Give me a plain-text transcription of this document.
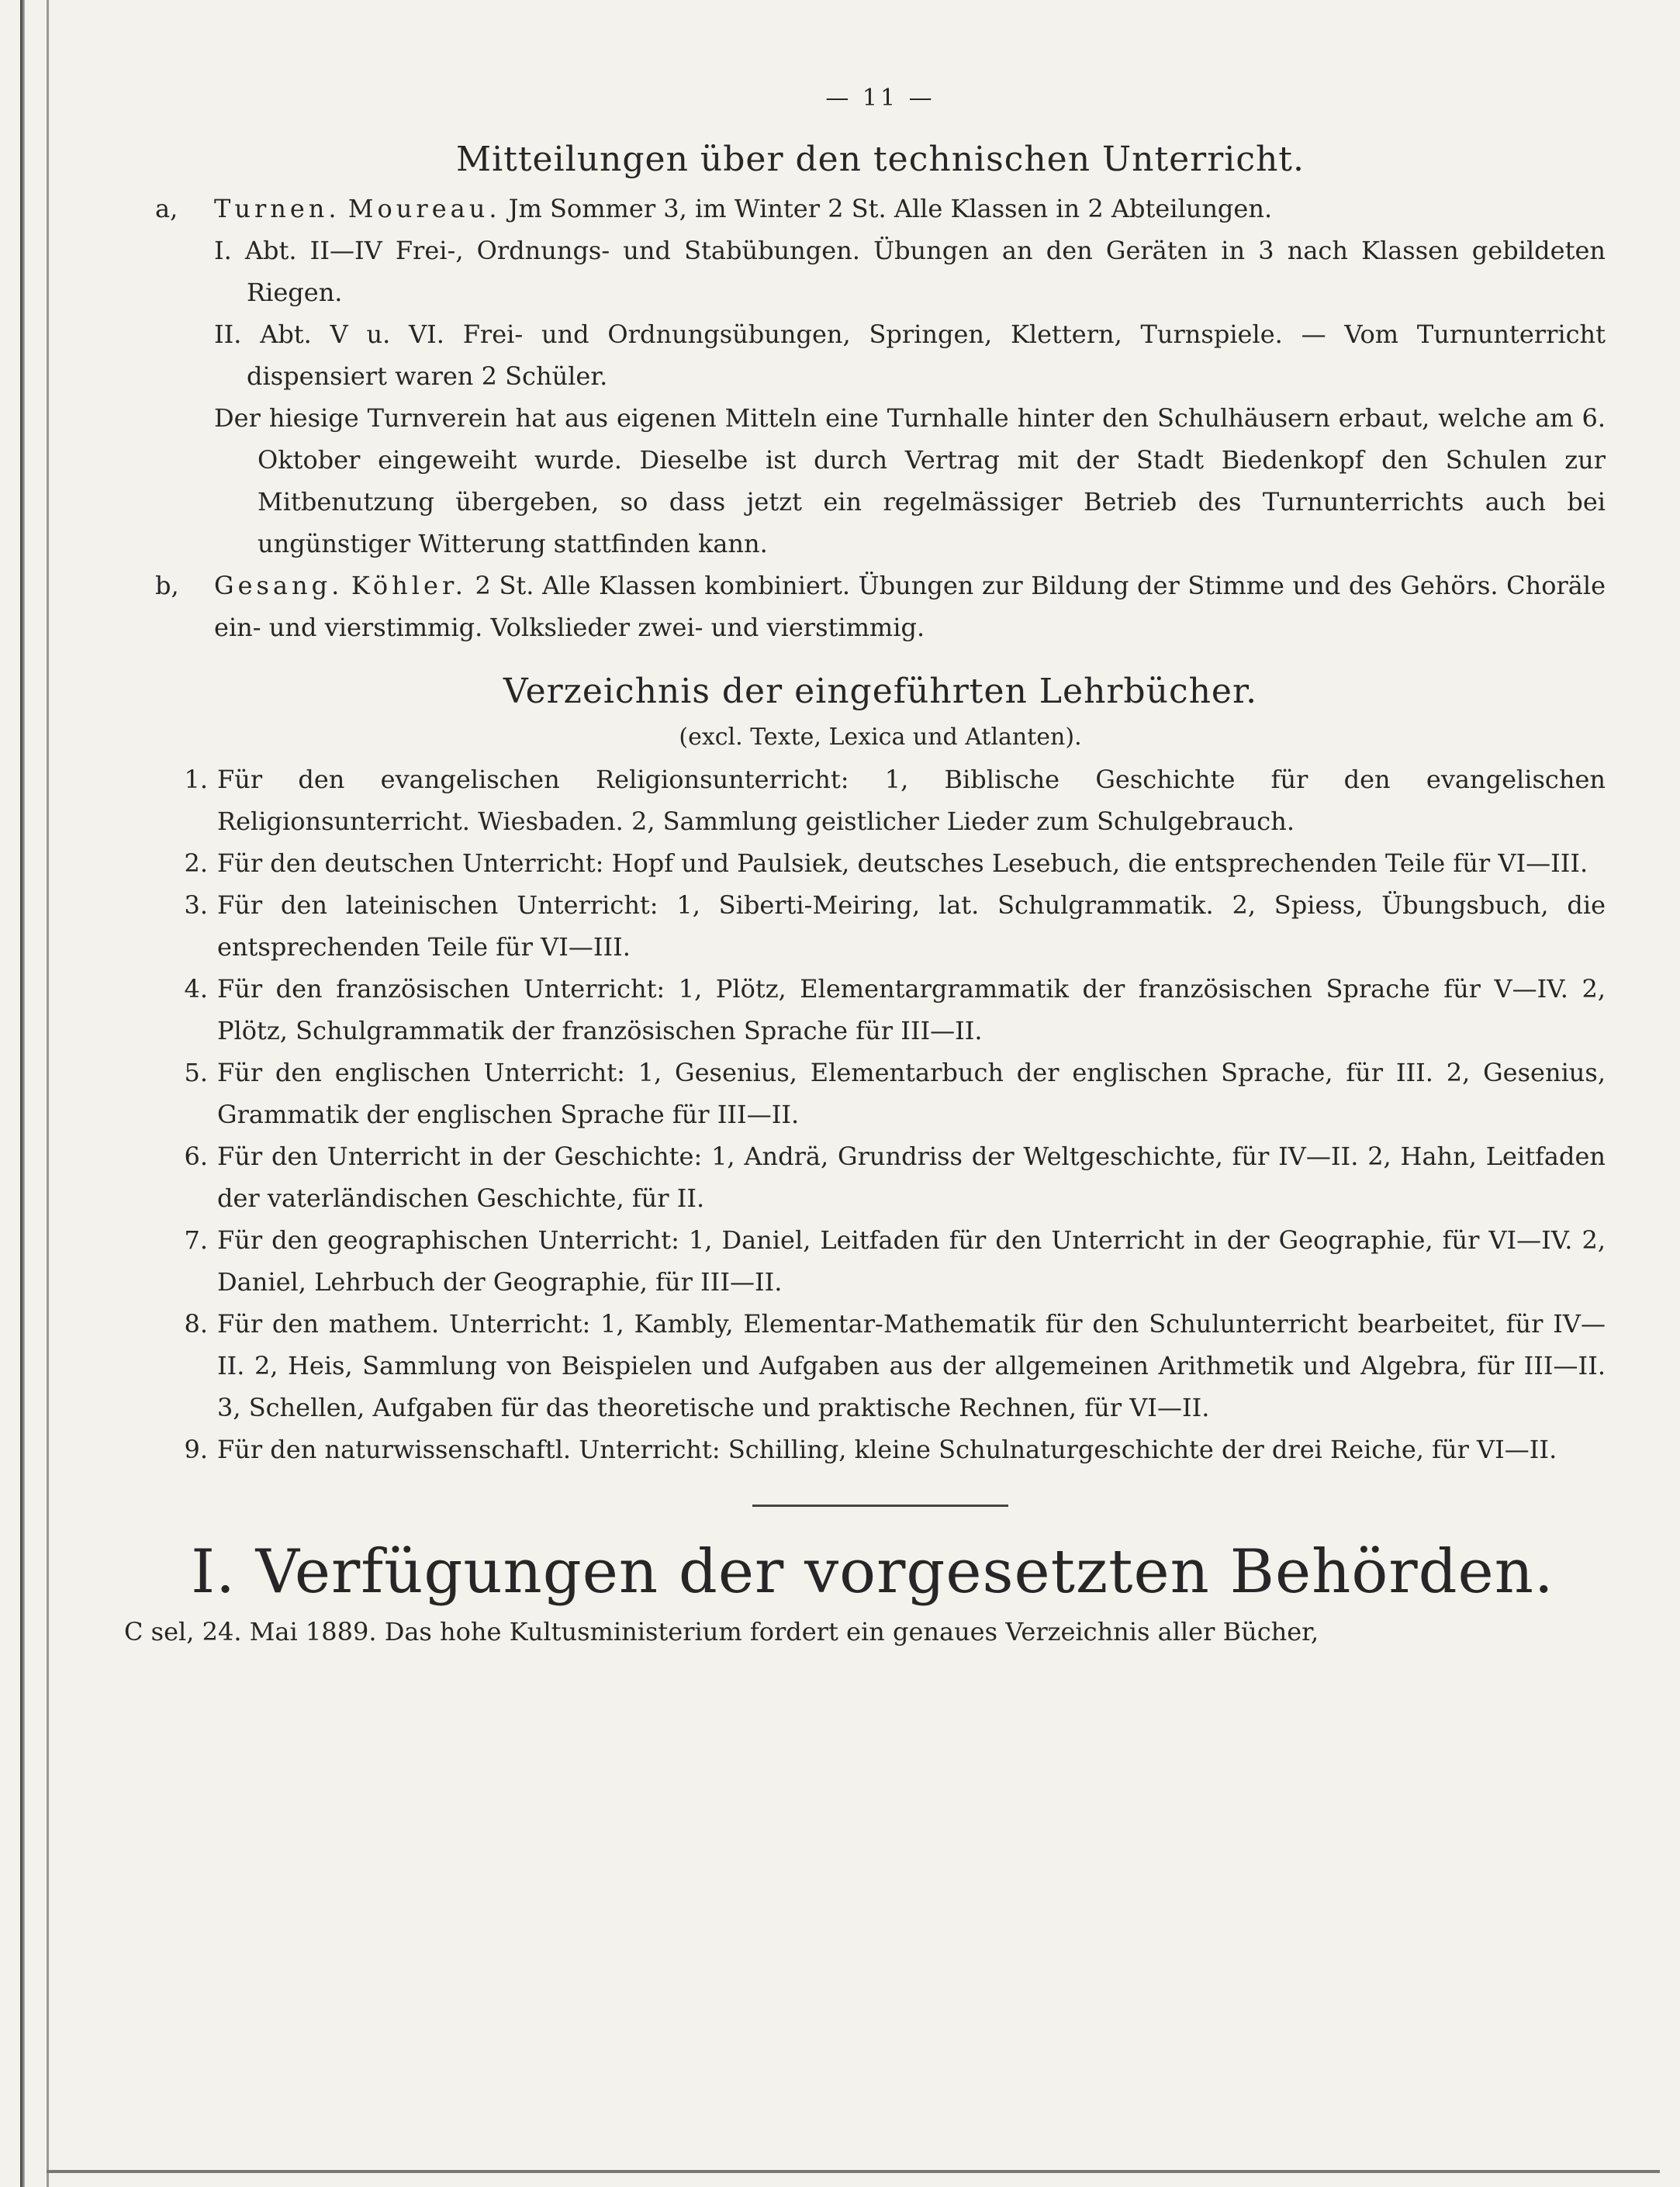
— 11 —
Mitteilungen über den technischen Unterricht.
a,	Turnen. Moureau. Jm Sommer 3, im Winter 2 St. Alle Klassen in 2 Abteilungen.
I. Abt. II—IV Frei-, Ordnungs- und Stabübungen. Übungen an den Geräten in 3 nach Klassen gebildeten Riegen.
II. Abt. V u. VI. Frei- und Ordnungsübungen, Springen, Klettern, Turnspiele. — Vom Turnunterricht dispensiert waren 2 Schüler.
Der hiesige Turnverein hat aus eigenen Mitteln eine Turnhalle hinter den Schulhäusern erbaut, welche am 6. Oktober eingeweiht wurde. Dieselbe ist durch Vertrag mit der Stadt Biedenkopf den Schulen zur Mitbenutzung übergeben, so dass jetzt ein regelmässiger Betrieb des Turnunterrichts auch bei ungünstiger Witterung stattfinden kann.
b,	Gesang. Köhler. 2 St. Alle Klassen kombiniert. Übungen zur Bildung der Stimme und des Gehörs. Choräle ein- und vierstimmig. Volkslieder zwei- und vierstimmig.
Verzeichnis der eingeführten Lehrbücher.
(excl. Texte, Lexica und Atlanten).
1. Für den evangelischen Religionsunterricht: 1, Biblische Geschichte für den evangelischen Religionsunterricht. Wiesbaden. 2, Sammlung geistlicher Lieder zum Schulgebrauch.
2. Für den deutschen Unterricht: Hopf und Paulsiek, deutsches Lesebuch, die entsprechenden Teile für VI—III.
3. Für den lateinischen Unterricht: 1, Siberti-Meiring, lat. Schulgrammatik. 2, Spiess, Übungsbuch, die entsprechenden Teile für VI—III.
4. Für den französischen Unterricht: 1, Plötz, Elementargrammatik der französischen Sprache für V—IV. 2, Plötz, Schulgrammatik der französischen Sprache für III—II.
5. Für den englischen Unterricht: 1, Gesenius, Elementarbuch der englischen Sprache, für III. 2, Gesenius, Grammatik der englischen Sprache für III—II.
6. Für den Unterricht in der Geschichte: 1, Andrä, Grundriss der Weltgeschichte, für IV—II. 2, Hahn, Leitfaden der vaterländischen Geschichte, für II.
7. Für den geographischen Unterricht: 1, Daniel, Leitfaden für den Unterricht in der Geographie, für VI—IV. 2, Daniel, Lehrbuch der Geographie, für III—II.
8. Für den mathem. Unterricht: 1, Kambly, Elementar-Mathematik für den Schulunterricht bearbeitet, für IV—II. 2, Heis, Sammlung von Beispielen und Aufgaben aus der allgemeinen Arithmetik und Algebra, für III—II. 3, Schellen, Aufgaben für das theoretische und praktische Rechnen, für VI—II.
9. Für den naturwissenschaftl. Unterricht: Schilling, kleine Schulnaturgeschichte der drei Reiche, für VI—II.
I. Verfügungen der vorgesetzten Behörden.
C sel, 24. Mai 1889. Das hohe Kultusministerium fordert ein genaues Verzeichnis aller Bücher,
